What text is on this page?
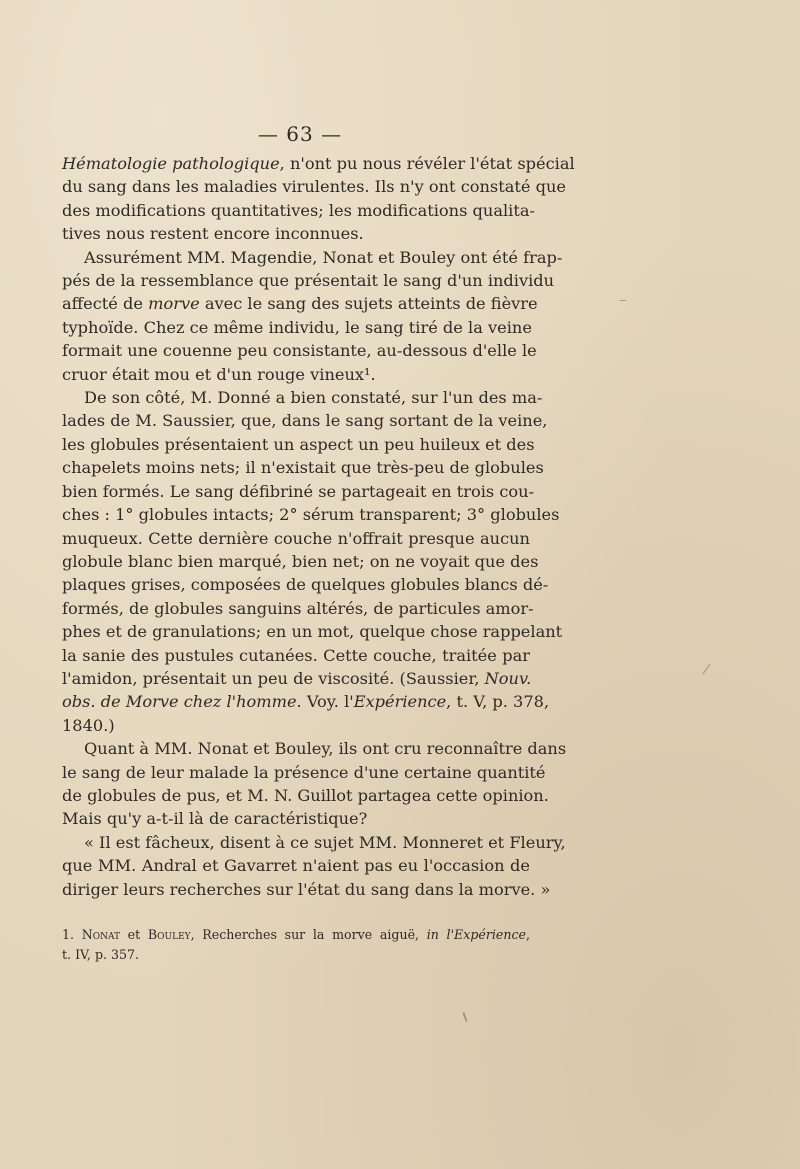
— 63 —
Hématologie pathologique, n'ont pu nous révéler l'état spécial
du sang dans les maladies virulentes. Ils n'y ont constaté que
des modifications quantitatives; les modifications qualita-
tives nous restent encore inconnues.
Assurément MM. Magendie, Nonat et Bouley ont été frap-
pés de la ressemblance que présentait le sang d'un individu
affecté de morve avec le sang des sujets atteints de fièvre
typhoïde. Chez ce même individu, le sang tiré de la veine
formait une couenne peu consistante, au-dessous d'elle le
cruor était mou et d'un rouge vineux¹.
De son côté, M. Donné a bien constaté, sur l'un des ma-
lades de M. Saussier, que, dans le sang sortant de la veine,
les globules présentaient un aspect un peu huileux et des
chapelets moins nets; il n'existait que très-peu de globules
bien formés. Le sang défibriné se partageait en trois cou-
ches : 1° globules intacts; 2° sérum transparent; 3° globules
muqueux. Cette dernière couche n'offrait presque aucun
globule blanc bien marqué, bien net; on ne voyait que des
plaques grises, composées de quelques globules blancs dé-
formés, de globules sanguins altérés, de particules amor-
phes et de granulations; en un mot, quelque chose rappelant
la sanie des pustules cutanées. Cette couche, traitée par
l'amidon, présentait un peu de viscosité. (Saussier, Nouv.
obs. de Morve chez l'homme. Voy. l'Expérience, t. V, p. 378,
1840.)
Quant à MM. Nonat et Bouley, ils ont cru reconnaître dans
le sang de leur malade la présence d'une certaine quantité
de globules de pus, et M. N. Guillot partagea cette opinion.
Mais qu'y a-t-il là de caractéristique?
« Il est fâcheux, disent à ce sujet MM. Monneret et Fleury,
que MM. Andral et Gavarret n'aient pas eu l'occasion de
diriger leurs recherches sur l'état du sang dans la morve. »
1. Nonat et Bouley, Recherches sur la morve aiguë, in l'Expérience,
t. IV, p. 357.
